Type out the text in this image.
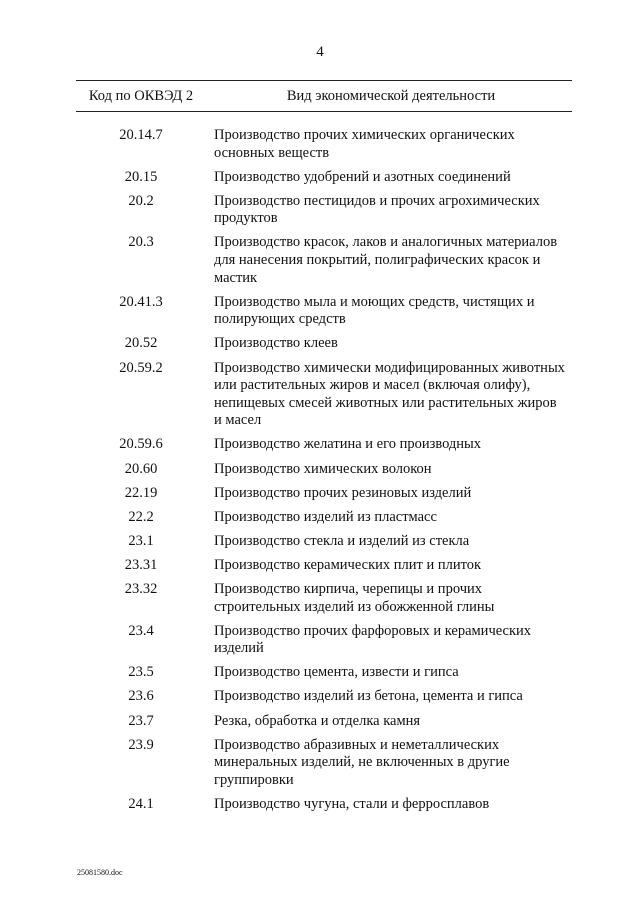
4
Код по ОКВЭД 2	Вид экономической деятельности
20.14.7	Производство прочих химических органических основных веществ
20.15	Производство удобрений и азотных соединений
20.2	Производство пестицидов и прочих агрохимических продуктов
20.3	Производство красок, лаков и аналогичных материалов для нанесения покрытий, полиграфических красок и мастик
20.41.3	Производство мыла и моющих средств, чистящих и полирующих средств
20.52	Производство клеев
20.59.2	Производство химически модифицированных животных или растительных жиров и масел (включая олифу), непищевых смесей животных или растительных жиров и масел
20.59.6	Производство желатина и его производных
20.60	Производство химических волокон
22.19	Производство прочих резиновых изделий
22.2	Производство изделий из пластмасс
23.1	Производство стекла и изделий из стекла
23.31	Производство керамических плит и плиток
23.32	Производство кирпича, черепицы и прочих строительных изделий из обожженной глины
23.4	Производство прочих фарфоровых и керамических изделий
23.5	Производство цемента, извести и гипса
23.6	Производство изделий из бетона, цемента и гипса
23.7	Резка, обработка и отделка камня
23.9	Производство абразивных и неметаллических минеральных изделий, не включенных в другие группировки
24.1	Производство чугуна, стали и ферросплавов
25081580.doc
